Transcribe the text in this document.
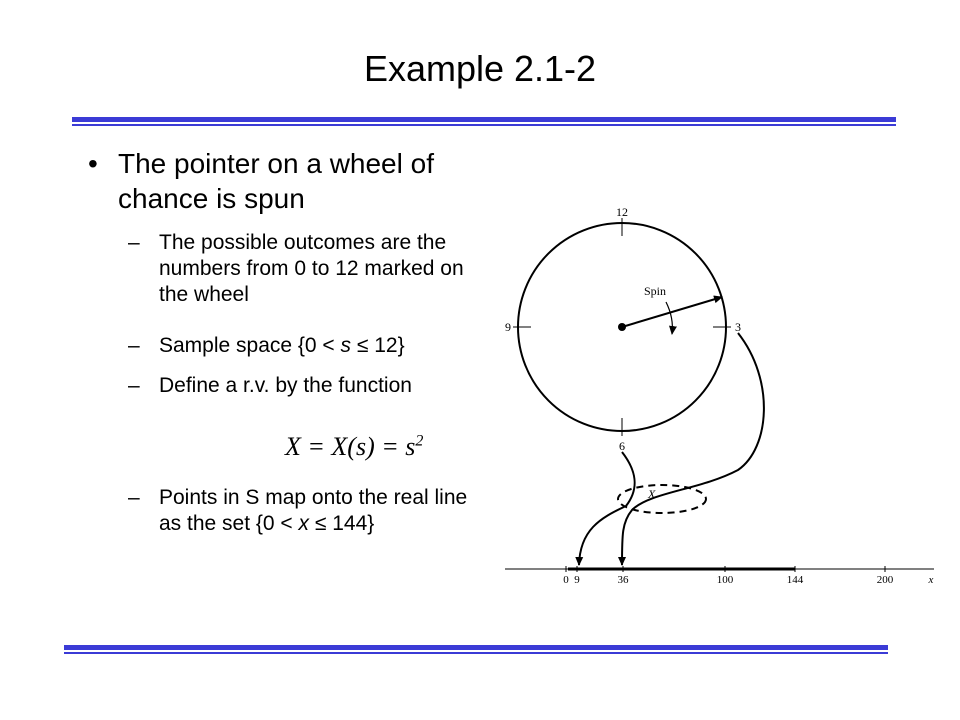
Example 2.1-2
• The pointer on a wheel of chance is spun
– The possible outcomes are the numbers from 0 to 12 marked on the wheel
– Sample space {0 < s ≤ 12}
– Define a r.v. by the function
$X = X(s) = s^2$
– Points in S map onto the real line as the set {0 < x ≤ 144}
12
3
6
9
Spin
X
0 9	36	100	144	200	x
